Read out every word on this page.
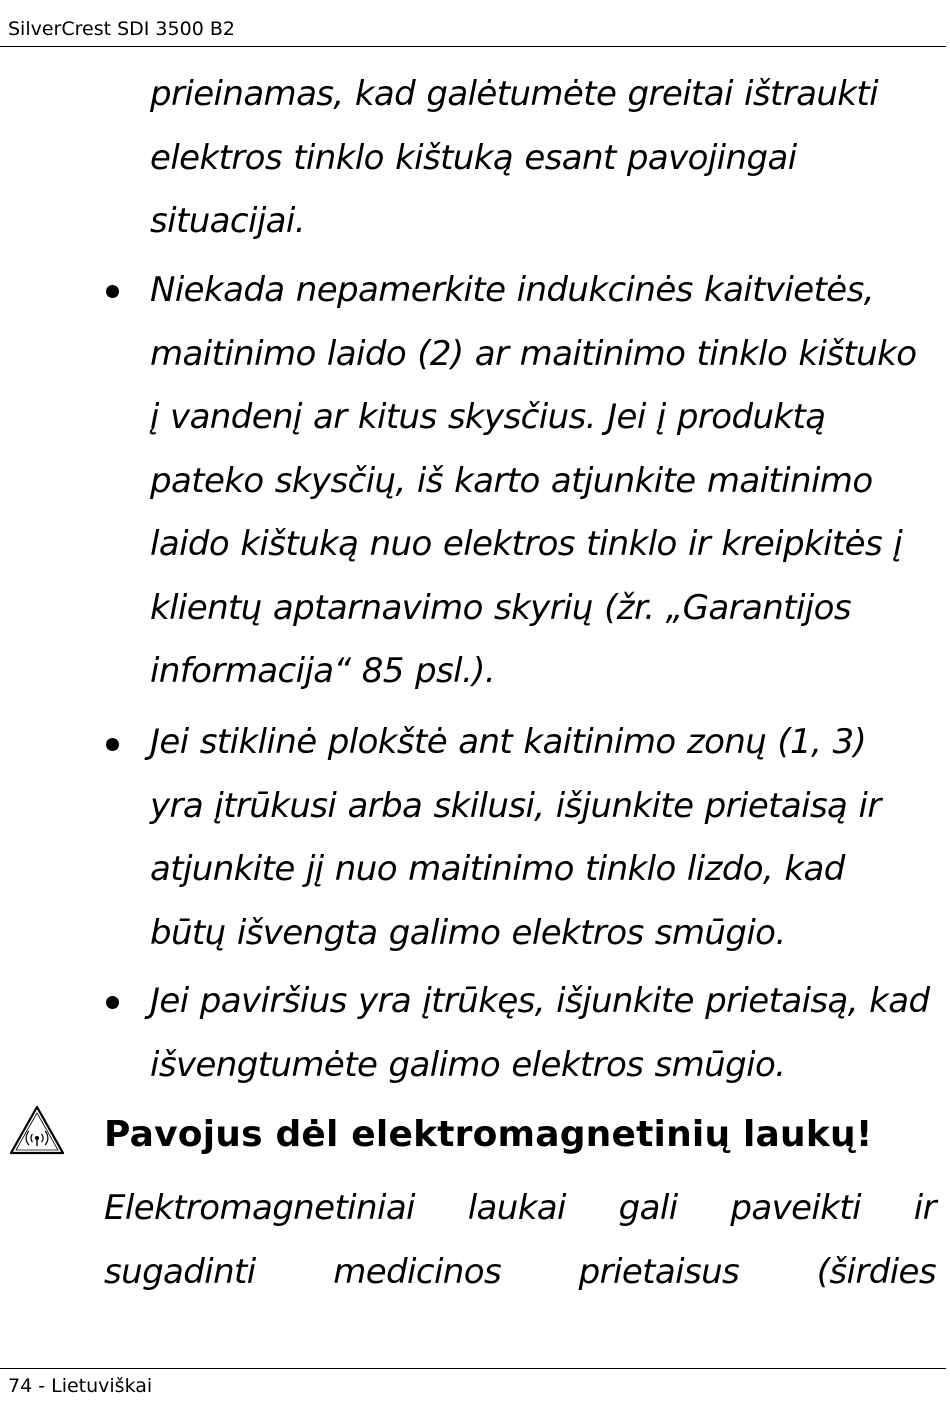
SilverCrest SDI 3500 B2
prieinamas, kad galėtumėte greitai ištraukti
elektros tinklo kištuką esant pavojingai
situacijai.
Niekada nepamerkite indukcinės kaitvietės,
maitinimo laido (2) ar maitinimo tinklo kištuko
į vandenį ar kitus skysčius. Jei į produktą
pateko skysčių, iš karto atjunkite maitinimo
laido kištuką nuo elektros tinklo ir kreipkitės į
klientų aptarnavimo skyrių (žr. „Garantijos
informacija“ 85 psl.).
Jei stiklinė plokštė ant kaitinimo zonų (1, 3)
yra įtrūkusi arba skilusi, išjunkite prietaisą ir
atjunkite jį nuo maitinimo tinklo lizdo, kad
būtų išvengta galimo elektros smūgio.
Jei paviršius yra įtrūkęs, išjunkite prietaisą, kad
išvengtumėte galimo elektros smūgio.
Pavojus dėl elektromagnetinių laukų!
Elektromagnetiniai laukai gali paveikti ir
sugadinti medicinos prietaisus (širdies
74 - Lietuviškai
